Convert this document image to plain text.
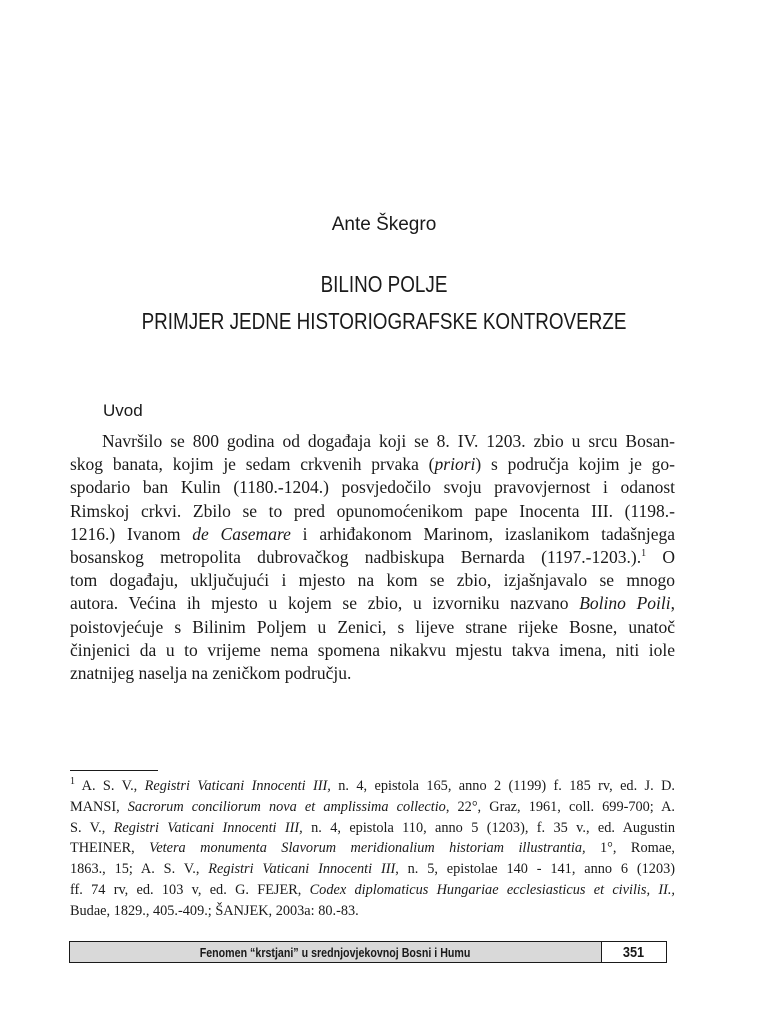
Ante Škegro
BILINO POLJE
PRIMJER JEDNE HISTORIOGRAFSKE KONTROVERZE
Uvod
Navršilo se 800 godina od događaja koji se 8. IV. 1203. zbio u srcu Bosan-
skog banata, kojim je sedam crkvenih prvaka (priori) s područja kojim je go-
spodario ban Kulin (1180.-1204.) posvjedočilo svoju pravovjernost i odanost
Rimskoj crkvi. Zbilo se to pred opunomoćenikom pape Inocenta III. (1198.-
1216.) Ivanom de Casemare i arhiđakonom Marinom, izaslanikom tadašnjega
bosanskog metropolita dubrovačkog nadbiskupa Bernarda (1197.-1203.).$^1$ O
tom događaju, uključujući i mjesto na kom se zbio, izjašnjavalo se mnogo
autora. Većina ih mjesto u kojem se zbio, u izvorniku nazvano Bolino Poili,
poistovjećuje s Bilinim Poljem u Zenici, s lijeve strane rijeke Bosne, unatoč
činjenici da u to vrijeme nema spomena nikakvu mjestu takva imena, niti iole
znatnijeg naselja na zeničkom području.
$^1$ A. S. V., Registri Vaticani Innocenti III, n. 4, epistola 165, anno 2 (1199) f. 185 rv, ed. J. D.
MANSI, Sacrorum conciliorum nova et amplissima collectio, 22°, Graz, 1961, coll. 699-700; A.
S. V., Registri Vaticani Innocenti III, n. 4, epistola 110, anno 5 (1203), f. 35 v., ed. Augustin
THEINER, Vetera monumenta Slavorum meridionalium historiam illustrantia, 1°, Romae,
1863., 15; A. S. V., Registri Vaticani Innocenti III, n. 5, epistolae 140 - 141, anno 6 (1203)
ff. 74 rv, ed. 103 v, ed. G. FEJER, Codex diplomaticus Hungariae ecclesiasticus et civilis, II.,
Budae, 1829., 405.-409.; ŠANJEK, 2003a: 80.-83.
Fenomen “krstjani” u srednjovjekovnoj Bosni i Humu	351
